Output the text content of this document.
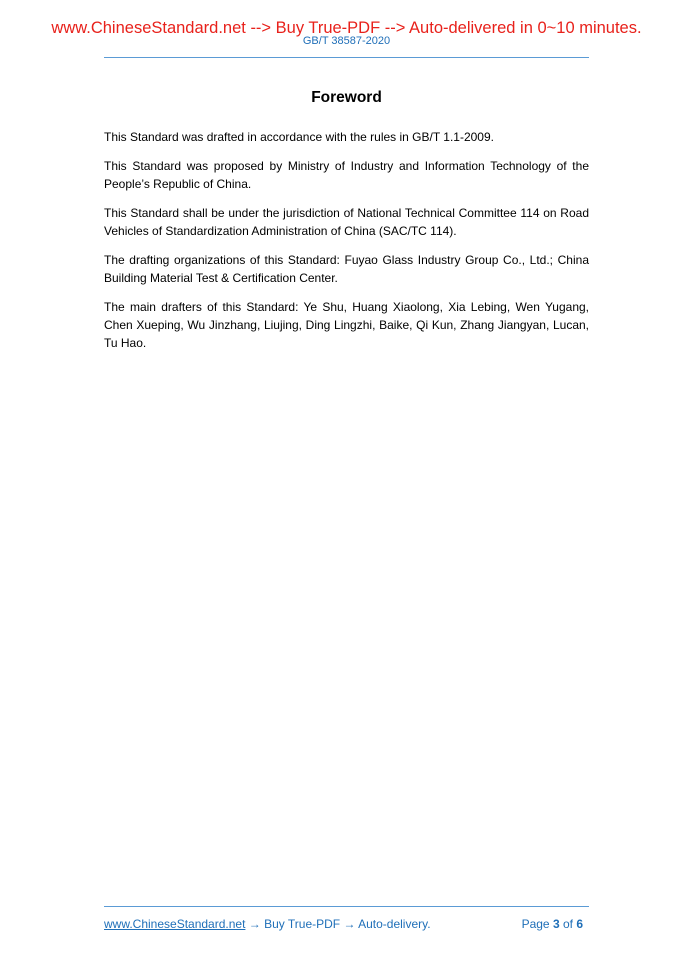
www.ChineseStandard.net --> Buy True-PDF --> Auto-delivered in 0~10 minutes.
GB/T 38587-2020
Foreword

This Standard was drafted in accordance with the rules in GB/T 1.1-2009.

This Standard was proposed by Ministry of Industry and Information Technology of the People’s Republic of China.

This Standard shall be under the jurisdiction of National Technical Committee 114 on Road Vehicles of Standardization Administration of China (SAC/TC 114).

The drafting organizations of this Standard: Fuyao Glass Industry Group Co., Ltd.; China Building Material Test & Certification Center.

The main drafters of this Standard: Ye Shu, Huang Xiaolong, Xia Lebing, Wen Yugang, Chen Xueping, Wu Jinzhang, Liujing, Ding Lingzhi, Baike, Qi Kun, Zhang Jiangyan, Lucan, Tu Hao.

www.ChineseStandard.net → Buy True-PDF → Auto-delivery.	Page 3 of 6
